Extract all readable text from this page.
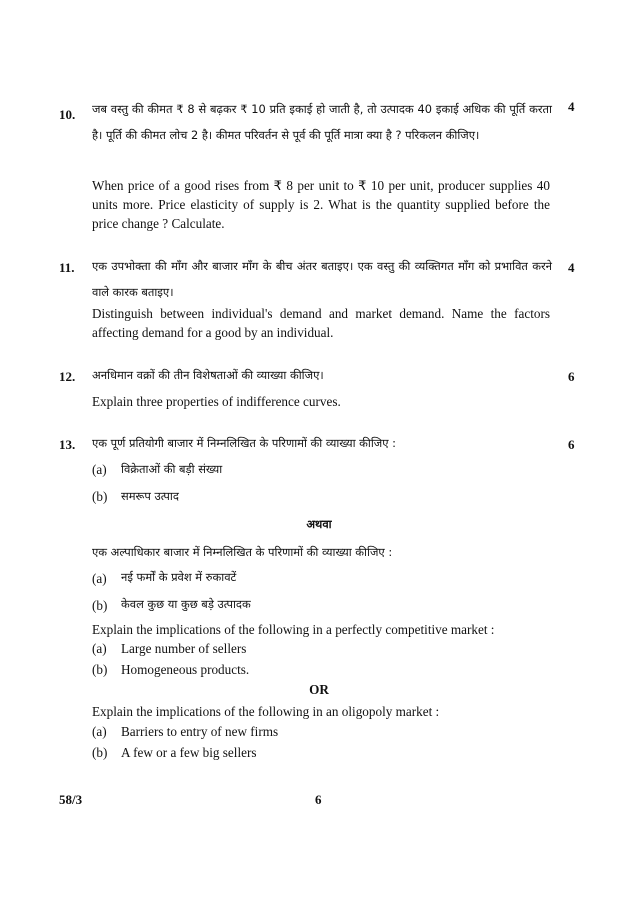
10.
4
जब वस्तु की कीमत ₹ 8 से बढ़कर ₹ 10 प्रति इकाई हो जाती है, तो उत्पादक 40 इकाई अधिक की पूर्ति करता है। पूर्ति की कीमत लोच 2 है। कीमत परिवर्तन से पूर्व की पूर्ति मात्रा क्या है ? परिकलन कीजिए।
When price of a good rises from ₹ 8 per unit to ₹ 10 per unit, producer supplies 40 units more. Price elasticity of supply is 2. What is the quantity supplied before the price change ? Calculate.
11.	4
एक उपभोक्ता की माँग और बाजार माँग के बीच अंतर बताइए। एक वस्तु की व्यक्तिगत माँग को प्रभावित करने वाले कारक बताइए।
Distinguish between individual's demand and market demand. Name the factors affecting demand for a good by an individual.
12.	6
अनधिमान वक्रों की तीन विशेषताओं की व्याख्या कीजिए।
Explain three properties of indifference curves.
13.	6
एक पूर्ण प्रतियोगी बाजार में निम्नलिखित के परिणामों की व्याख्या कीजिए :
(a) विक्रेताओं की बड़ी संख्या
(b) समरूप उत्पाद
अथवा
एक अल्पाधिकार बाजार में निम्नलिखित के परिणामों की व्याख्या कीजिए :
(a) नई फर्मों के प्रवेश में रुकावटें
(b) केवल कुछ या कुछ बड़े उत्पादक
Explain the implications of the following in a perfectly competitive market :
(a) Large number of sellers
(b) Homogeneous products.
OR
Explain the implications of the following in an oligopoly market :
(a) Barriers to entry of new firms
(b) A few or a few big sellers
58/3	6
